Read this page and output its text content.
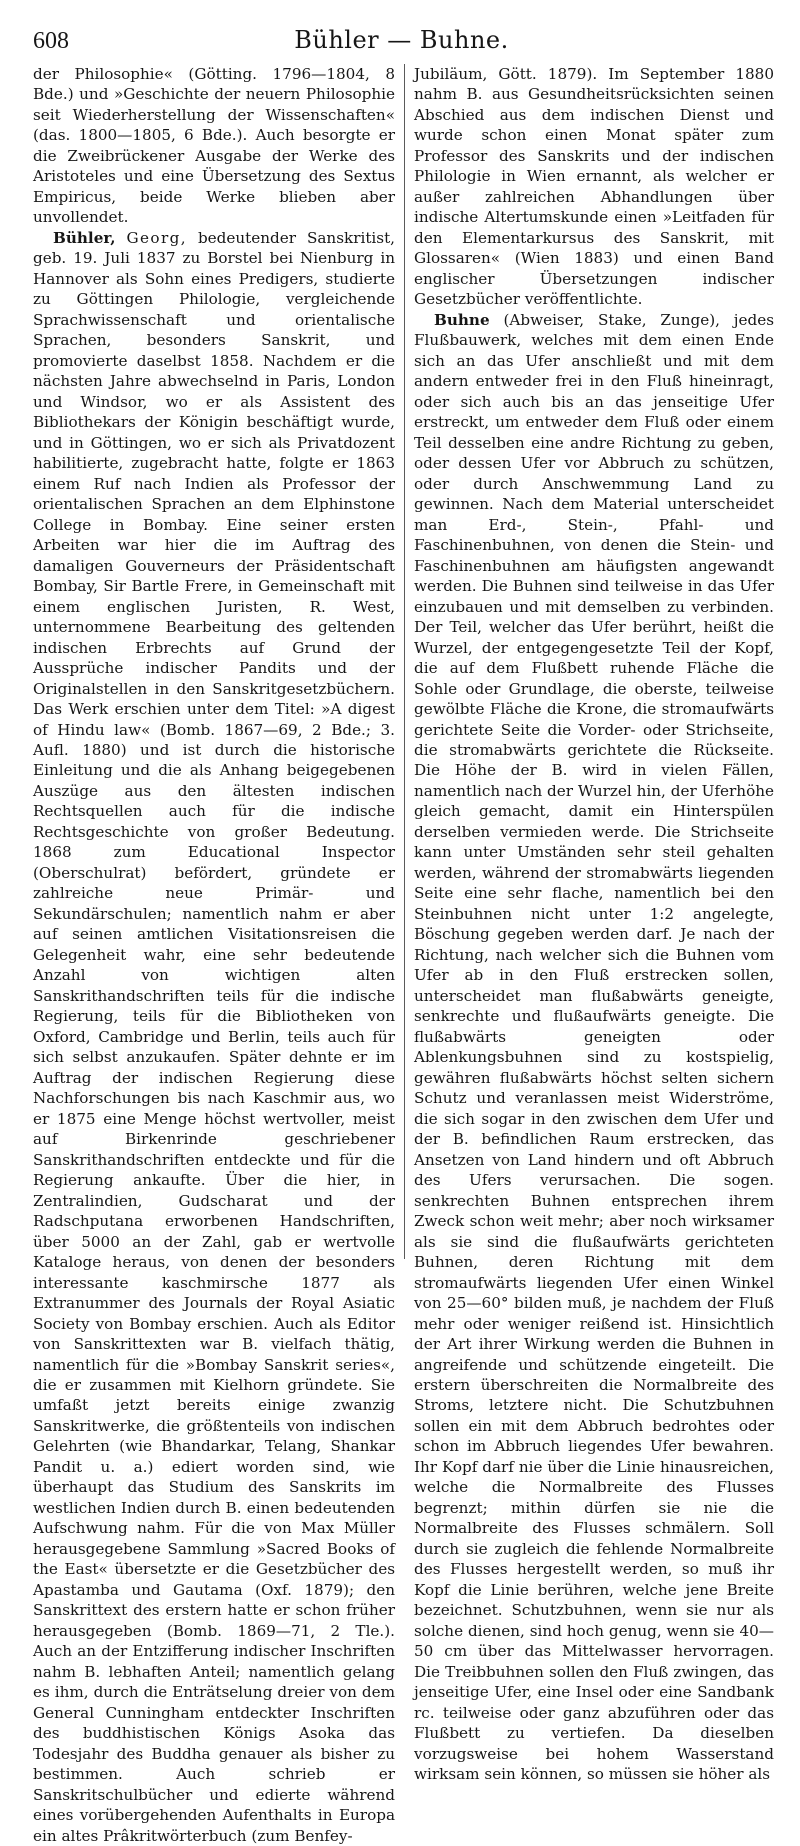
608	Bühler — Buhne.

der Philosophie« (Götting. 1796—1804, 8 Bde.) und »Geschichte der neuern Philosophie seit Wiederherstellung der Wissenschaften« (das. 1800—1805, 6 Bde.). Auch besorgte er die Zweibrückener Ausgabe der Werke des Aristoteles und eine Übersetzung des Sextus Empiricus, beide Werke blieben aber unvollendet.

Bühler, Georg, bedeutender Sanskritist, geb. 19. Juli 1837 zu Borstel bei Nienburg in Hannover als Sohn eines Predigers, studierte zu Göttingen Philologie, vergleichende Sprachwissenschaft und orientalische Sprachen, besonders Sanskrit, und promovierte daselbst 1858. Nachdem er die nächsten Jahre abwechselnd in Paris, London und Windsor, wo er als Assistent des Bibliothekars der Königin beschäftigt wurde, und in Göttingen, wo er sich als Privatdozent habilitierte, zugebracht hatte, folgte er 1863 einem Ruf nach Indien als Professor der orientalischen Sprachen an dem Elphinstone College in Bombay. Eine seiner ersten Arbeiten war hier die im Auftrag des damaligen Gouverneurs der Präsidentschaft Bombay, Sir Bartle Frere, in Gemeinschaft mit einem englischen Juristen, R. West, unternommene Bearbeitung des geltenden indischen Erbrechts auf Grund der Aussprüche indischer Pandits und der Originalstellen in den Sanskritgesetzbüchern. Das Werk erschien unter dem Titel: »A digest of Hindu law« (Bomb. 1867—69, 2 Bde.; 3. Aufl. 1880) und ist durch die historische Einleitung und die als Anhang beigegebenen Auszüge aus den ältesten indischen Rechtsquellen auch für die indische Rechtsgeschichte von großer Bedeutung. 1868 zum Educational Inspector (Oberschulrat) befördert, gründete er zahlreiche neue Primär- und Sekundärschulen; namentlich nahm er aber auf seinen amtlichen Visitationsreisen die Gelegenheit wahr, eine sehr bedeutende Anzahl von wichtigen alten Sanskrithandschriften teils für die indische Regierung, teils für die Bibliotheken von Oxford, Cambridge und Berlin, teils auch für sich selbst anzukaufen. Später dehnte er im Auftrag der indischen Regierung diese Nachforschungen bis nach Kaschmir aus, wo er 1875 eine Menge höchst wertvoller, meist auf Birkenrinde geschriebener Sanskrithandschriften entdeckte und für die Regierung ankaufte. Über die hier, in Zentralindien, Gudscharat und der Radschputana erworbenen Handschriften, über 5000 an der Zahl, gab er wertvolle Kataloge heraus, von denen der besonders interessante kaschmirsche 1877 als Extranummer des Journals der Royal Asiatic Society von Bombay erschien. Auch als Editor von Sanskrittexten war B. vielfach thätig, namentlich für die »Bombay Sanskrit series«, die er zusammen mit Kielhorn gründete. Sie umfaßt jetzt bereits einige zwanzig Sanskritwerke, die größtenteils von indischen Gelehrten (wie Bhandarkar, Telang, Shankar Pandit u. a.) ediert worden sind, wie überhaupt das Studium des Sanskrits im westlichen Indien durch B. einen bedeutenden Aufschwung nahm. Für die von Max Müller herausgegebene Sammlung »Sacred Books of the East« übersetzte er die Gesetzbücher des Apastamba und Gautama (Oxf. 1879); den Sanskrittext des erstern hatte er schon früher herausgegeben (Bomb. 1869—71, 2 Tle.). Auch an der Entzifferung indischer Inschriften nahm B. lebhaften Anteil; namentlich gelang es ihm, durch die Enträtselung dreier von dem General Cunningham entdeckter Inschriften des buddhistischen Königs Asoka das Todesjahr des Buddha genauer als bisher zu bestimmen. Auch schrieb er Sanskritschulbücher und edierte während eines vorübergehenden Aufenthalts in Europa ein altes Prâkritwörterbuch (zum Benfey-

Jubiläum, Gött. 1879). Im September 1880 nahm B. aus Gesundheitsrücksichten seinen Abschied aus dem indischen Dienst und wurde schon einen Monat später zum Professor des Sanskrits und der indischen Philologie in Wien ernannt, als welcher er außer zahlreichen Abhandlungen über indische Altertumskunde einen »Leitfaden für den Elementarkursus des Sanskrit, mit Glossaren« (Wien 1883) und einen Band englischer Übersetzungen indischer Gesetzbücher veröffentlichte.

Buhne (Abweiser, Stake, Zunge), jedes Flußbauwerk, welches mit dem einen Ende sich an das Ufer anschließt und mit dem andern entweder frei in den Fluß hineinragt, oder sich auch bis an das jenseitige Ufer erstreckt, um entweder dem Fluß oder einem Teil desselben eine andre Richtung zu geben, oder dessen Ufer vor Abbruch zu schützen, oder durch Anschwemmung Land zu gewinnen. Nach dem Material unterscheidet man Erd-, Stein-, Pfahl- und Faschinenbuhnen, von denen die Stein- und Faschinenbuhnen am häufigsten angewandt werden. Die Buhnen sind teilweise in das Ufer einzubauen und mit demselben zu verbinden. Der Teil, welcher das Ufer berührt, heißt die Wurzel, der entgegengesetzte Teil der Kopf, die auf dem Flußbett ruhende Fläche die Sohle oder Grundlage, die oberste, teilweise gewölbte Fläche die Krone, die stromaufwärts gerichtete Seite die Vorder- oder Strichseite, die stromabwärts gerichtete die Rückseite. Die Höhe der B. wird in vielen Fällen, namentlich nach der Wurzel hin, der Uferhöhe gleich gemacht, damit ein Hinterspülen derselben vermieden werde. Die Strichseite kann unter Umständen sehr steil gehalten werden, während der stromabwärts liegenden Seite eine sehr flache, namentlich bei den Steinbuhnen nicht unter 1:2 angelegte, Böschung gegeben werden darf. Je nach der Richtung, nach welcher sich die Buhnen vom Ufer ab in den Fluß erstrecken sollen, unterscheidet man flußabwärts geneigte, senkrechte und flußaufwärts geneigte. Die flußabwärts geneigten oder Ablenkungsbuhnen sind zu kostspielig, gewähren flußabwärts höchst selten sichern Schutz und veranlassen meist Widerströme, die sich sogar in den zwischen dem Ufer und der B. befindlichen Raum erstrecken, das Ansetzen von Land hindern und oft Abbruch des Ufers verursachen. Die sogen. senkrechten Buhnen entsprechen ihrem Zweck schon weit mehr; aber noch wirksamer als sie sind die flußaufwärts gerichteten Buhnen, deren Richtung mit dem stromaufwärts liegenden Ufer einen Winkel von 25—60° bilden muß, je nachdem der Fluß mehr oder weniger reißend ist. Hinsichtlich der Art ihrer Wirkung werden die Buhnen in angreifende und schützende eingeteilt. Die erstern überschreiten die Normalbreite des Stroms, letztere nicht. Die Schutzbuhnen sollen ein mit dem Abbruch bedrohtes oder schon im Abbruch liegendes Ufer bewahren. Ihr Kopf darf nie über die Linie hinausreichen, welche die Normalbreite des Flusses begrenzt; mithin dürfen sie nie die Normalbreite des Flusses schmälern. Soll durch sie zugleich die fehlende Normalbreite des Flusses hergestellt werden, so muß ihr Kopf die Linie berühren, welche jene Breite bezeichnet. Schutzbuhnen, wenn sie nur als solche dienen, sind hoch genug, wenn sie 40—50 cm über das Mittelwasser hervorragen. Die Treibbuhnen sollen den Fluß zwingen, das jenseitige Ufer, eine Insel oder eine Sandbank rc. teilweise oder ganz abzuführen oder das Flußbett zu vertiefen. Da dieselben vorzugsweise bei hohem Wasserstand wirksam sein können, so müssen sie höher als
